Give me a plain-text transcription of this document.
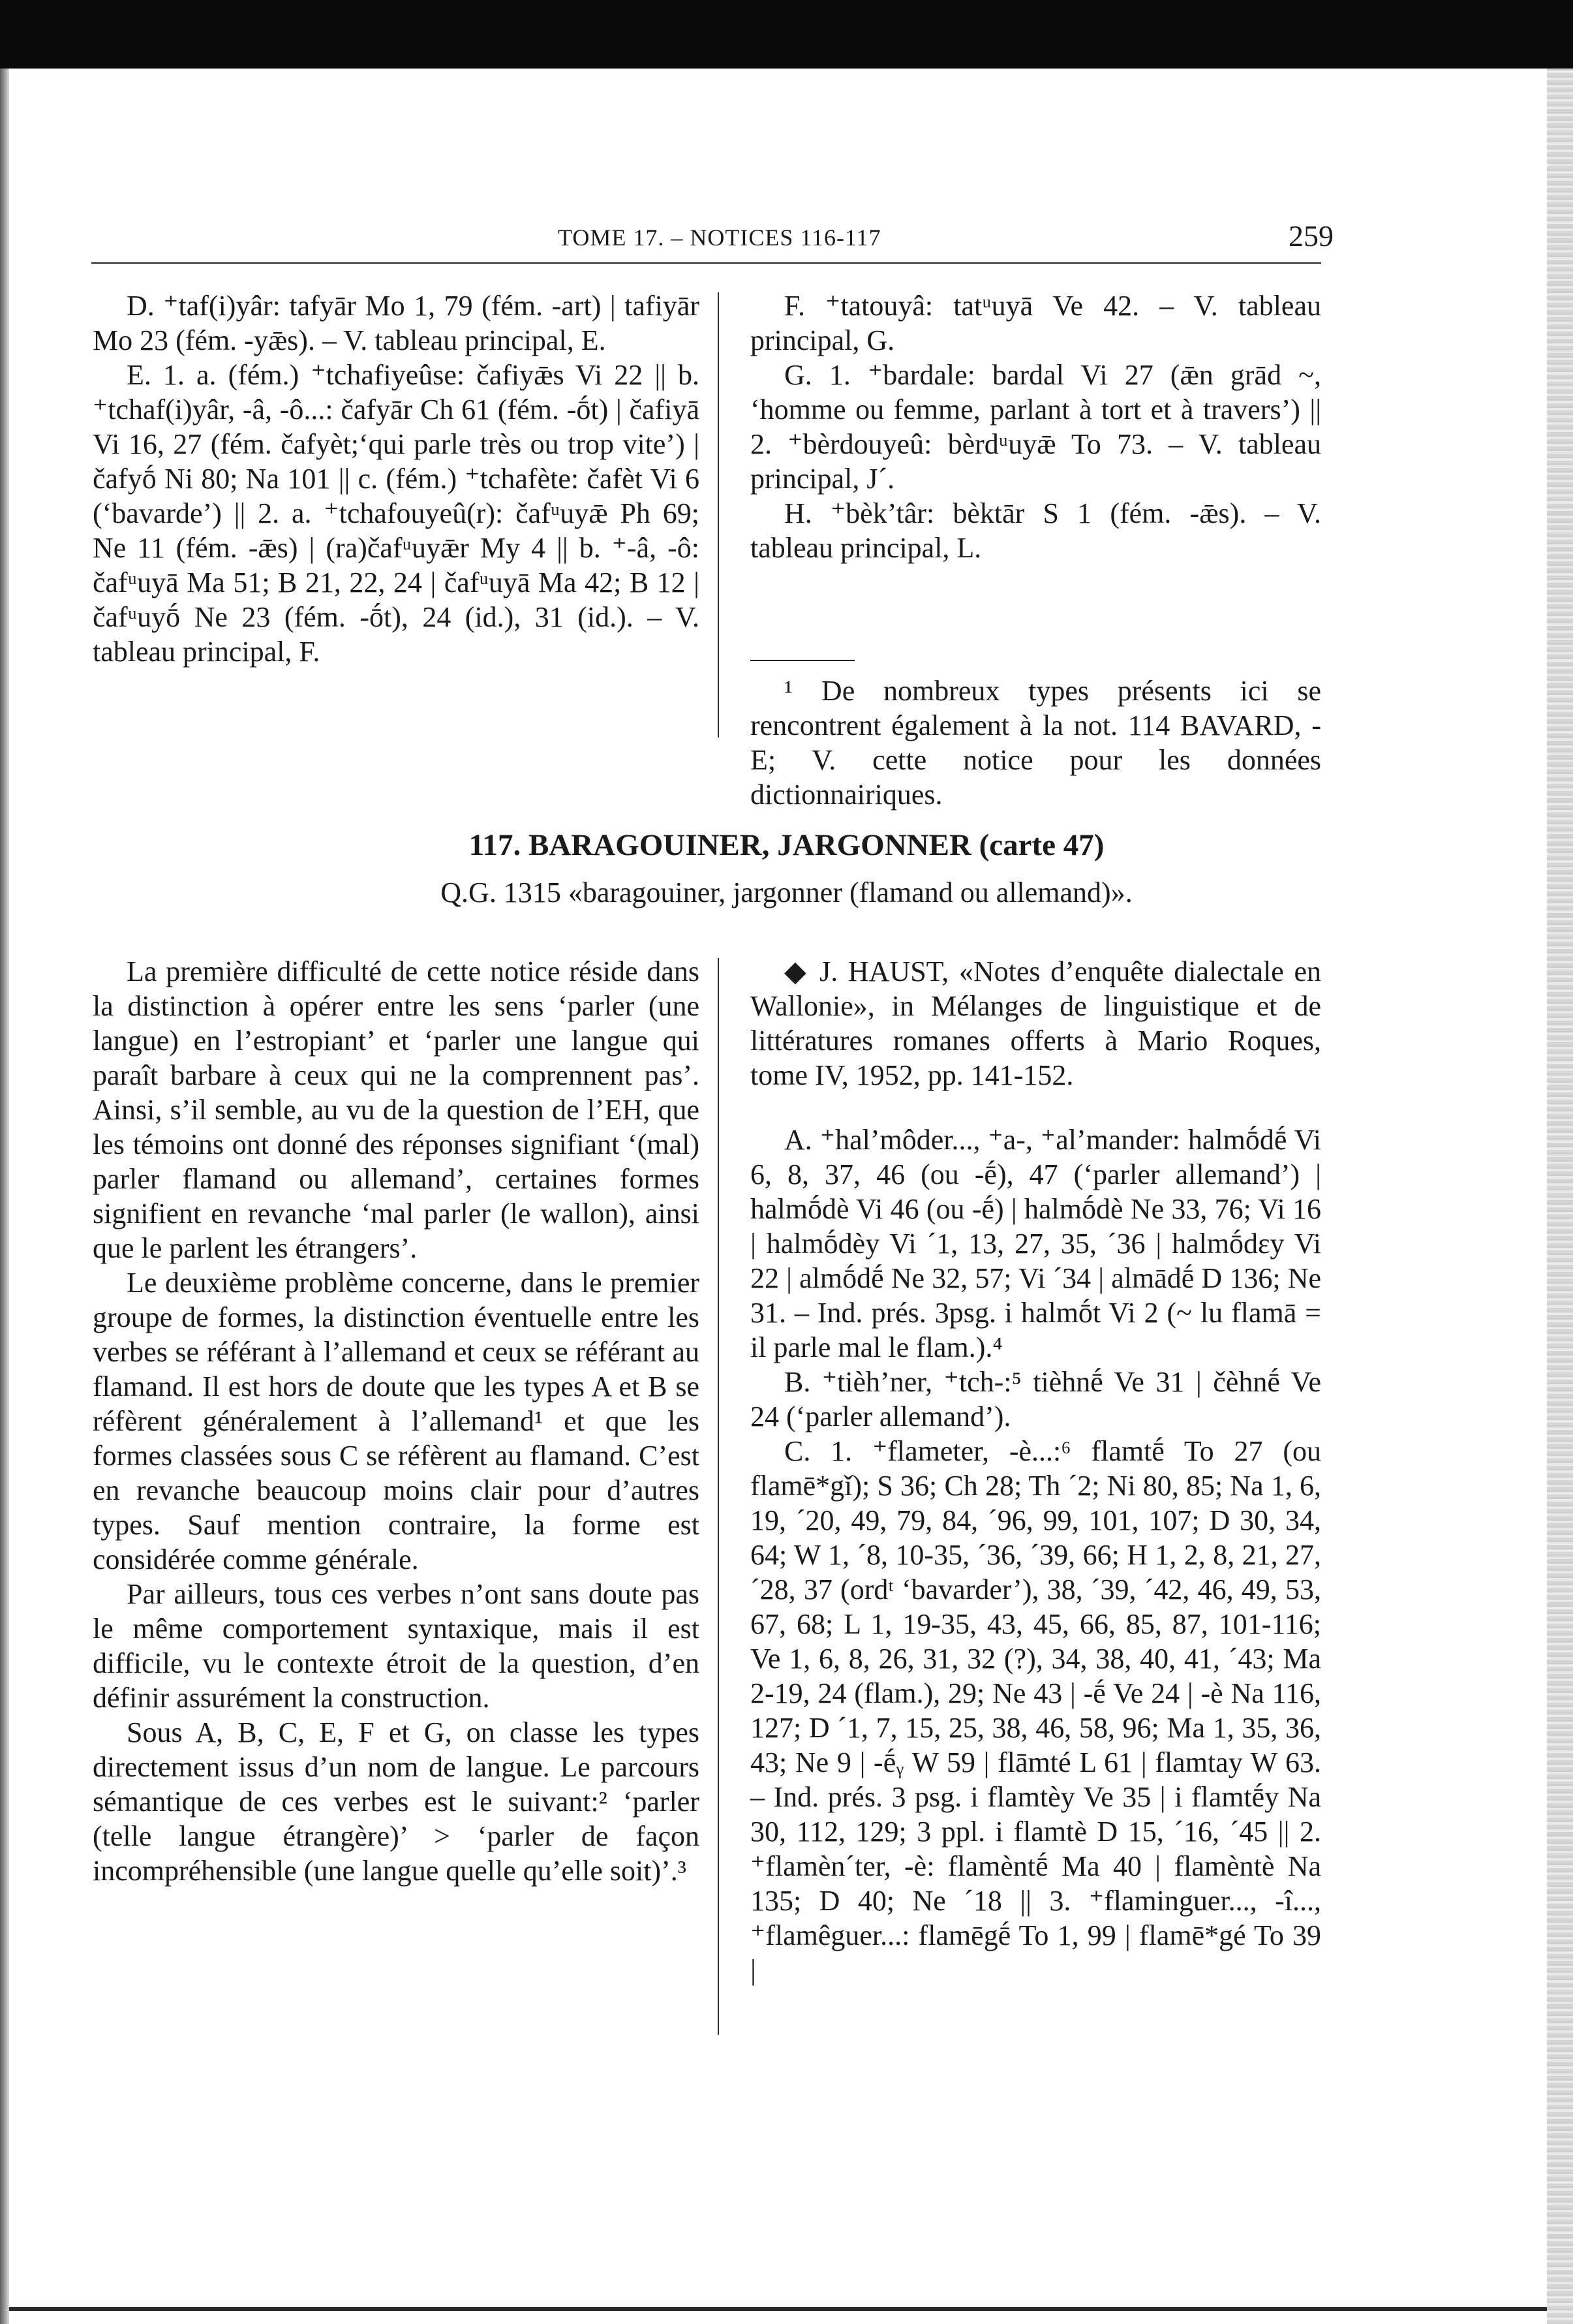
TOME 17. – NOTICES 116-117	259

D. ⁺taf(i)yâr: tafyār Mo 1, 79 (fém. -art) | tafiyār Mo 23 (fém. -yǣs). – V. tableau principal, E.

E. 1. a. (fém.) ⁺tchafiyeûse: čafiyǣs Vi 22 || b. ⁺tchaf(i)yâr, -â, -ô...: čafyār Ch 61 (fém. -ṓt) | čafiyā Vi 16, 27 (fém. čafyèt;‘qui parle très ou trop vite’) | čafyṓ Ni 80; Na 101 || c. (fém.) ⁺tchafète: čafèt Vi 6 (‘bavarde’) || 2. a. ⁺tchafouyeû(r): čafᵘuyǣ Ph 69; Ne 11 (fém. -ǣs) | (ra)čafᵘuyǣr My 4 || b. ⁺-â, -ô: čafᵘuyā Ma 51; B 21, 22, 24 | čafᵘuyā Ma 42; B 12 | čafᵘuyṓ Ne 23 (fém. -ṓt), 24 (id.), 31 (id.). – V. tableau principal, F.

F. ⁺tatouyâ: tatᵘuyā Ve 42. – V. tableau principal, G.

G. 1. ⁺bardale: bardal Vi 27 (ǣn grād ~, ‘homme ou femme, parlant à tort et à travers’) || 2. ⁺bèrdouyeû: bèrdᵘuyǣ To 73. – V. tableau principal, J´.

H. ⁺bèk’târ: bèktār S 1 (fém. -ǣs). – V. tableau principal, L.

¹ De nombreux types présents ici se rencontrent également à la not. 114 BAVARD, -E; V. cette notice pour les données dictionnairiques.

117. BARAGOUINER, JARGONNER (carte 47)
Q.G. 1315 «baragouiner, jargonner (flamand ou allemand)».

La première difficulté de cette notice réside dans la distinction à opérer entre les sens ‘parler (une langue) en l’estropiant’ et ‘parler une langue qui paraît barbare à ceux qui ne la comprennent pas’. Ainsi, s’il semble, au vu de la question de l’EH, que les témoins ont donné des réponses signifiant ‘(mal) parler flamand ou allemand’, certaines formes signifient en revanche ‘mal parler (le wallon), ainsi que le parlent les étrangers’.

Le deuxième problème concerne, dans le premier groupe de formes, la distinction éventuelle entre les verbes se référant à l’allemand et ceux se référant au flamand. Il est hors de doute que les types A et B se réfèrent généralement à l’allemand¹ et que les formes classées sous C se réfèrent au flamand. C’est en revanche beaucoup moins clair pour d’autres types. Sauf mention contraire, la forme est considérée comme générale.

Par ailleurs, tous ces verbes n’ont sans doute pas le même comportement syntaxique, mais il est difficile, vu le contexte étroit de la question, d’en définir assurément la construction.

Sous A, B, C, E, F et G, on classe les types directement issus d’un nom de langue. Le parcours sémantique de ces verbes est le suivant:² ‘parler (telle langue étrangère)’ > ‘parler de façon incompréhensible (une langue quelle qu’elle soit)’.³

◆ J. HAUST, «Notes d’enquête dialectale en Wallonie», in Mélanges de linguistique et de littératures romanes offerts à Mario Roques, tome IV, 1952, pp. 141-152.

A. ⁺hal’môder..., ⁺a-, ⁺al’mander: halmṓdḗ Vi 6, 8, 37, 46 (ou -ḗ), 47 (‘parler allemand’) | halmṓdè Vi 46 (ou -ḗ) | halmṓdè Ne 33, 76; Vi 16 | halmṓdèy Vi ´1, 13, 27, 35, ´36 | halmṓdɛy Vi 22 | almṓdḗ Ne 32, 57; Vi ´34 | almādḗ D 136; Ne 31. – Ind. prés. 3psg. i halmṓt Vi 2 (~ lu flamā = il parle mal le flam.).⁴

B. ⁺tièh’ner, ⁺tch-:⁵ tièhnḗ Ve 31 | čèhnḗ Ve 24 (‘parler allemand’).

C. 1. ⁺flameter, -è...:⁶ flamtḗ To 27 (ou flamē*gǐ); S 36; Ch 28; Th ´2; Ni 80, 85; Na 1, 6, 19, ´20, 49, 79, 84, ´96, 99, 101, 107; D 30, 34, 64; W 1, ´8, 10-35, ´36, ´39, 66; H 1, 2, 8, 21, 27, ´28, 37 (ordᵗ ‘bavarder’), 38, ´39, ´42, 46, 49, 53, 67, 68; L 1, 19-35, 43, 45, 66, 85, 87, 101-116; Ve 1, 6, 8, 26, 31, 32 (?), 34, 38, 40, 41, ´43; Ma 2-19, 24 (flam.), 29; Ne 43 | -ḗ Ve 24 | -è Na 116, 127; D ´1, 7, 15, 25, 38, 46, 58, 96; Ma 1, 35, 36, 43; Ne 9 | -ḗᵧ W 59 | flāmté L 61 | flamtay W 63. – Ind. prés. 3 psg. i flamtèy Ve 35 | i flamtḗy Na 30, 112, 129; 3 ppl. i flamtè D 15, ´16, ´45 || 2. ⁺flamèn´ter, -è: flamèntḗ Ma 40 | flamèntè Na 135; D 40; Ne ´18 || 3. ⁺flaminguer..., -î..., ⁺flamêguer...: flamēgḗ To 1, 99 | flamē*gé To 39 |
